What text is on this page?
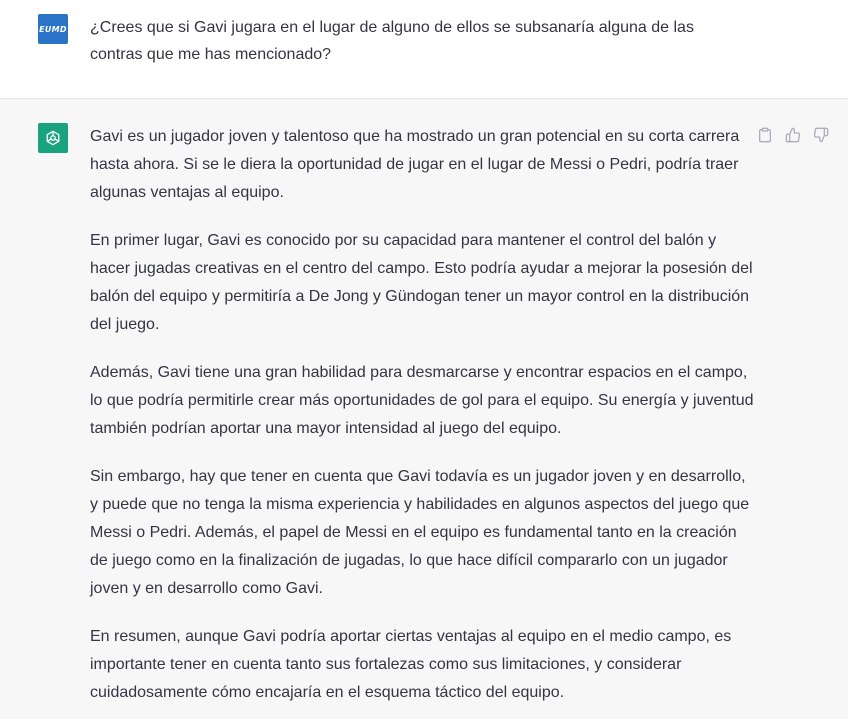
EUMD ¿Crees que si Gavi jugara en el lugar de alguno de ellos se subsanaría alguna de las contras que me has mencionado?

Gavi es un jugador joven y talentoso que ha mostrado un gran potencial en su corta carrera hasta ahora. Si se le diera la oportunidad de jugar en el lugar de Messi o Pedri, podría traer algunas ventajas al equipo.

En primer lugar, Gavi es conocido por su capacidad para mantener el control del balón y hacer jugadas creativas en el centro del campo. Esto podría ayudar a mejorar la posesión del balón del equipo y permitiría a De Jong y Gündogan tener un mayor control en la distribución del juego.

Además, Gavi tiene una gran habilidad para desmarcarse y encontrar espacios en el campo, lo que podría permitirle crear más oportunidades de gol para el equipo. Su energía y juventud también podrían aportar una mayor intensidad al juego del equipo.

Sin embargo, hay que tener en cuenta que Gavi todavía es un jugador joven y en desarrollo, y puede que no tenga la misma experiencia y habilidades en algunos aspectos del juego que Messi o Pedri. Además, el papel de Messi en el equipo es fundamental tanto en la creación de juego como en la finalización de jugadas, lo que hace difícil compararlo con un jugador joven y en desarrollo como Gavi.

En resumen, aunque Gavi podría aportar ciertas ventajas al equipo en el medio campo, es importante tener en cuenta tanto sus fortalezas como sus limitaciones, y considerar cuidadosamente cómo encajaría en el esquema táctico del equipo.
